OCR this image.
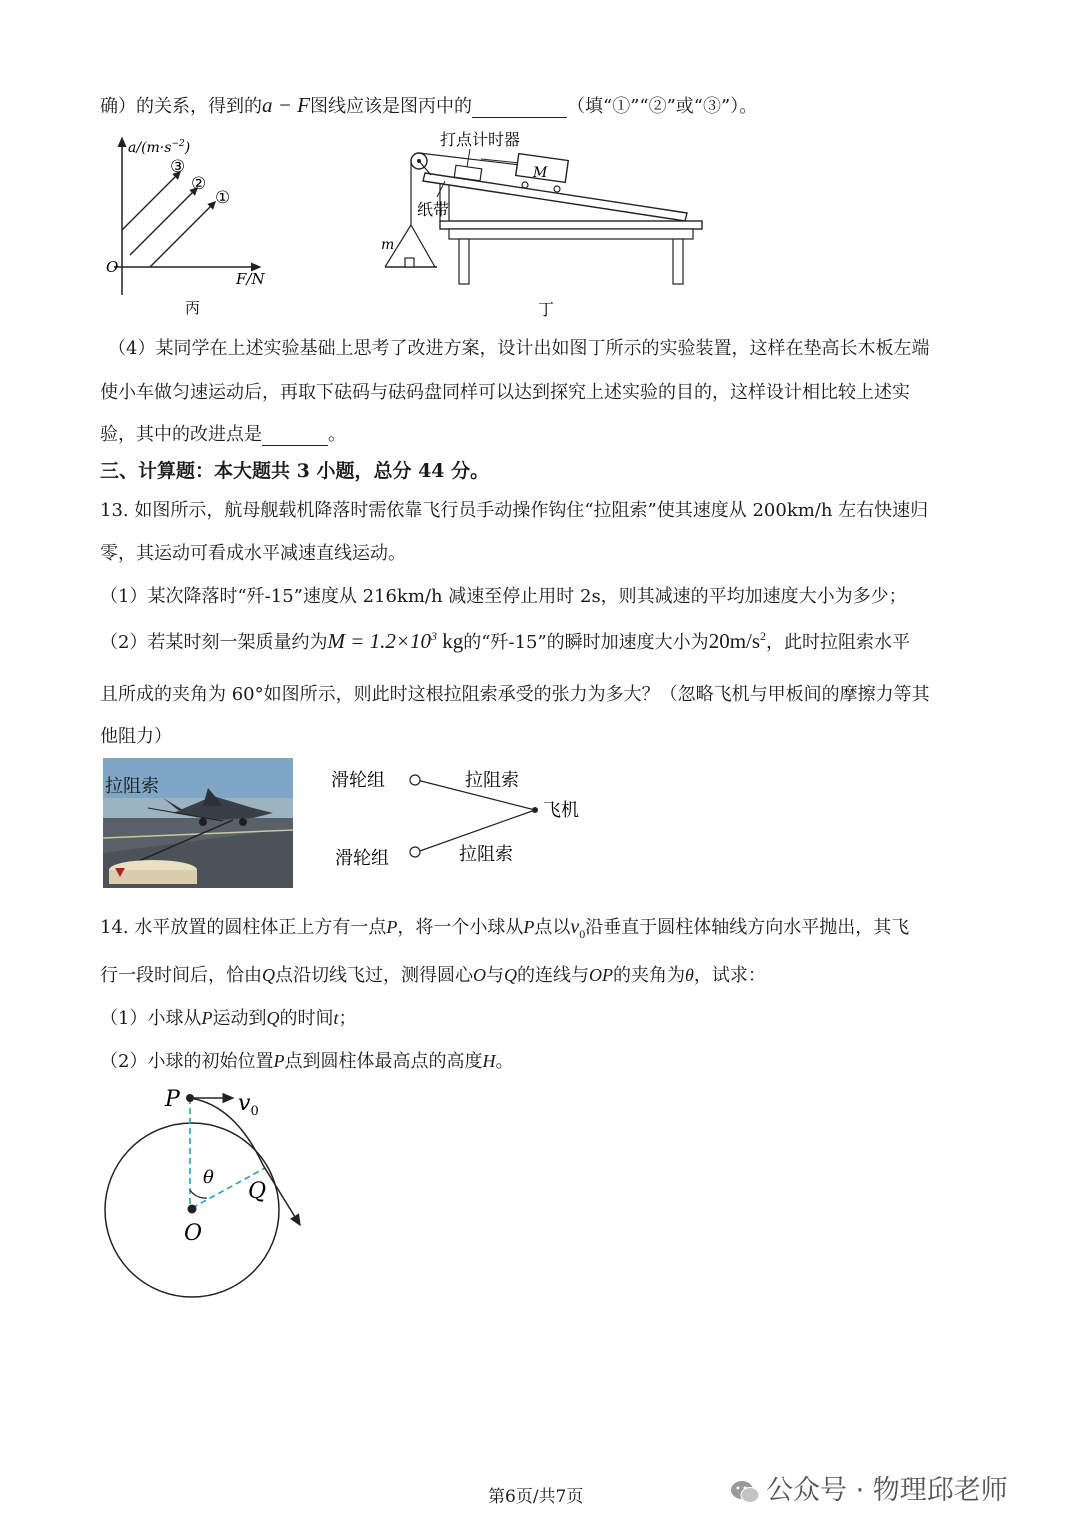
确）的关系，得到的a − F图线应该是图丙中的	（填“①”“②”或“③”）。
$a/(m\cdot s^{-2})$
F/N
O
③
②
①
丙
M
打点计时器
纸带
m
丁
（4）某同学在上述实验基础上思考了改进方案，设计出如图丁所示的实验装置，这样在垫高长木板左端
使小车做匀速运动后，再取下砝码与砝码盘同样可以达到探究上述实验的目的，这样设计相比较上述实
验，其中的改进点是	。
三、计算题：本大题共 3 小题，总分 44 分。
13. 如图所示，航母舰载机降落时需依靠飞行员手动操作钩住“拉阻索”使其速度从 200km/h 左右快速归
零，其运动可看成水平减速直线运动。
（1）某次降落时“歼-15”速度从 216km/h 减速至停止用时 2s，则其减速的平均加速度大小为多少；
（2）若某时刻一架质量约为$M = 1.2\times 10^3$ kg的“歼-15”的瞬时加速度大小为$20m/s^2$，此时拉阻索水平
且所成的夹角为 60°如图所示，则此时这根拉阻索承受的张力为多大？（忽略飞机与甲板间的摩擦力等其
他阻力）
拉阻索	滑轮组
滑轮组
拉阻索
拉阻索
飞机
14. 水平放置的圆柱体正上方有一点P，将一个小球从P点以$v_0$沿垂直于圆柱体轴线方向水平抛出，其飞
行一段时间后，恰由Q点沿切线飞过，测得圆心O与Q的连线与OP的夹角为θ，试求：
（1）小球从P运动到Q的时间t；
（2）小球的初始位置P点到圆柱体最高点的高度H。
P	$v_0$
θ
Q
O
第6页/共7页	公众号 · 物理邱老师
